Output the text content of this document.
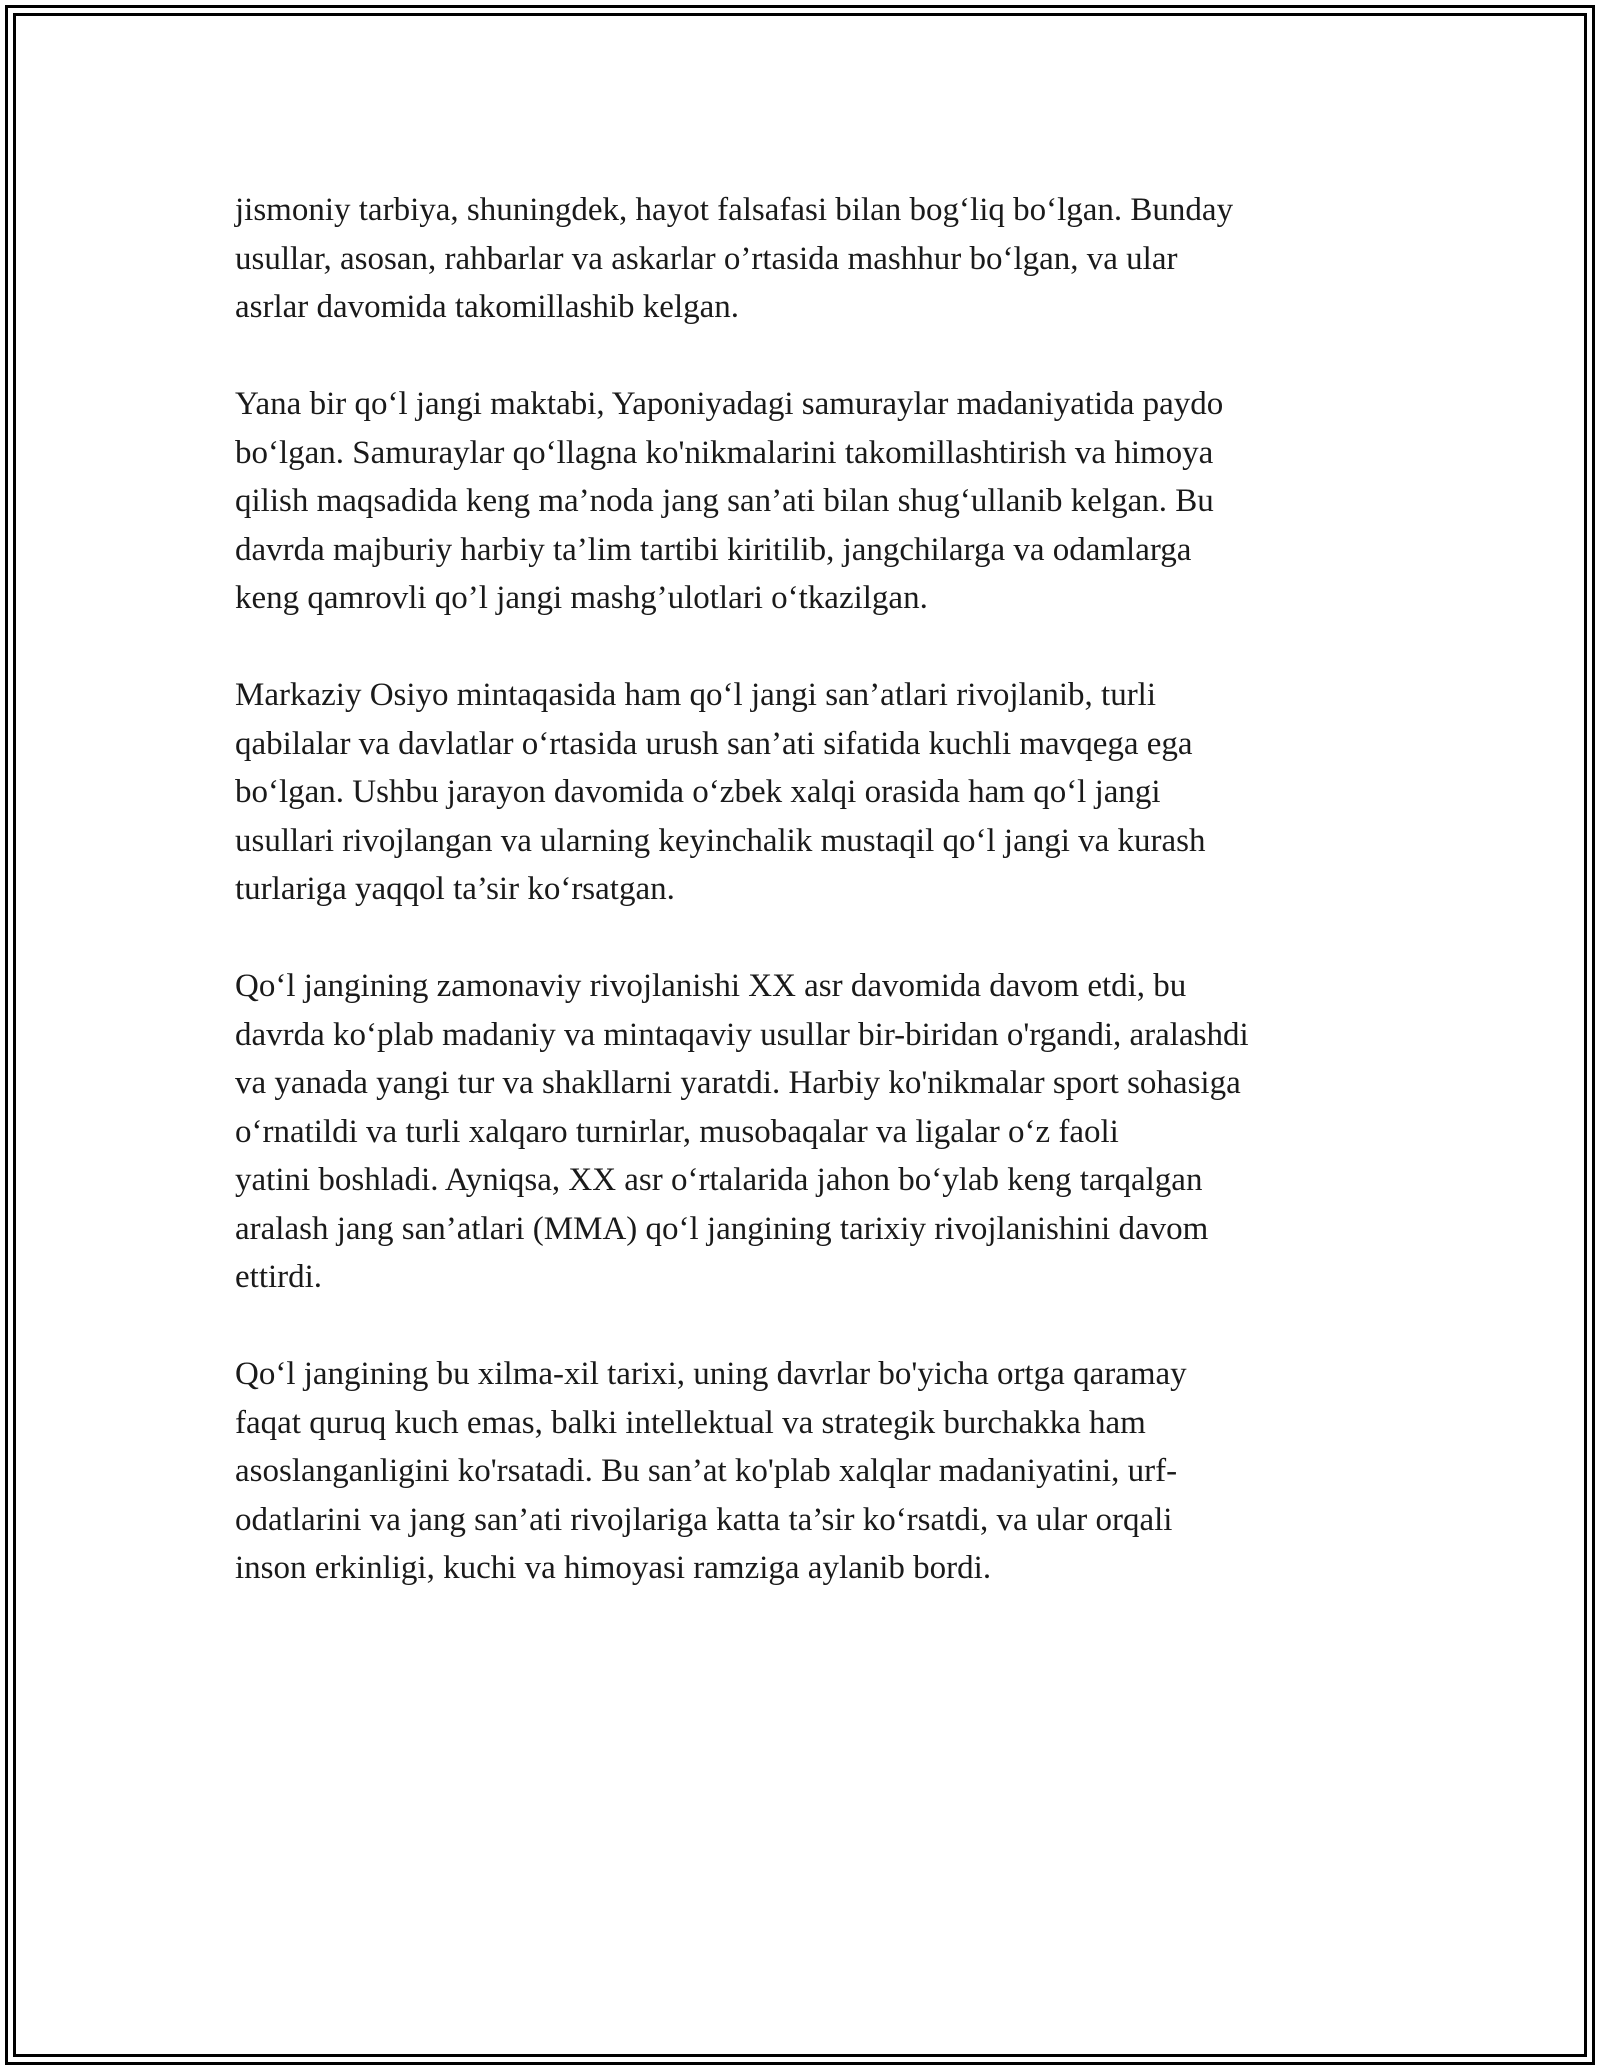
jismoniy tarbiya, shuningdek, hayot falsafasi bilan bog‘liq bo‘lgan. Bunday
usullar, asosan, rahbarlar va askarlar o’rtasida mashhur bo‘lgan, va ular
asrlar davomida takomillashib kelgan.

Yana bir qo‘l jangi maktabi, Yaponiyadagi samuraylar madaniyatida paydo
bo‘lgan. Samuraylar qo‘llagna ko'nikmalarini takomillashtirish va himoya
qilish maqsadida keng ma’noda jang san’ati bilan shug‘ullanib kelgan. Bu
davrda majburiy harbiy ta’lim tartibi kiritilib, jangchilarga va odamlarga
keng qamrovli qo’l jangi mashg’ulotlari o‘tkazilgan.

Markaziy Osiyo mintaqasida ham qo‘l jangi san’atlari rivojlanib, turli
qabilalar va davlatlar o‘rtasida urush san’ati sifatida kuchli mavqega ega
bo‘lgan. Ushbu jarayon davomida o‘zbek xalqi orasida ham qo‘l jangi
usullari rivojlangan va ularning keyinchalik mustaqil qo‘l jangi va kurash
turlariga yaqqol ta’sir ko‘rsatgan.

Qo‘l jangining zamonaviy rivojlanishi XX asr davomida davom etdi, bu
davrda ko‘plab madaniy va mintaqaviy usullar bir-biridan o'rgandi, aralashdi
va yanada yangi tur va shakllarni yaratdi. Harbiy ko'nikmalar sport sohasiga
o‘rnatildi va turli xalqaro turnirlar, musobaqalar va ligalar o‘z faoli
yatini boshladi. Ayniqsa, XX asr o‘rtalarida jahon bo‘ylab keng tarqalgan
aralash jang san’atlari (MMA) qo‘l jangining tarixiy rivojlanishini davom
ettirdi.

Qo‘l jangining bu xilma-xil tarixi, uning davrlar bo'yicha ortga qaramay
faqat quruq kuch emas, balki intellektual va strategik burchakka ham
asoslanganligini ko'rsatadi. Bu san’at ko'plab xalqlar madaniyatini, urf-
odatlarini va jang san’ati rivojlariga katta ta’sir ko‘rsatdi, va ular orqali
inson erkinligi, kuchi va himoyasi ramziga aylanib bordi.
